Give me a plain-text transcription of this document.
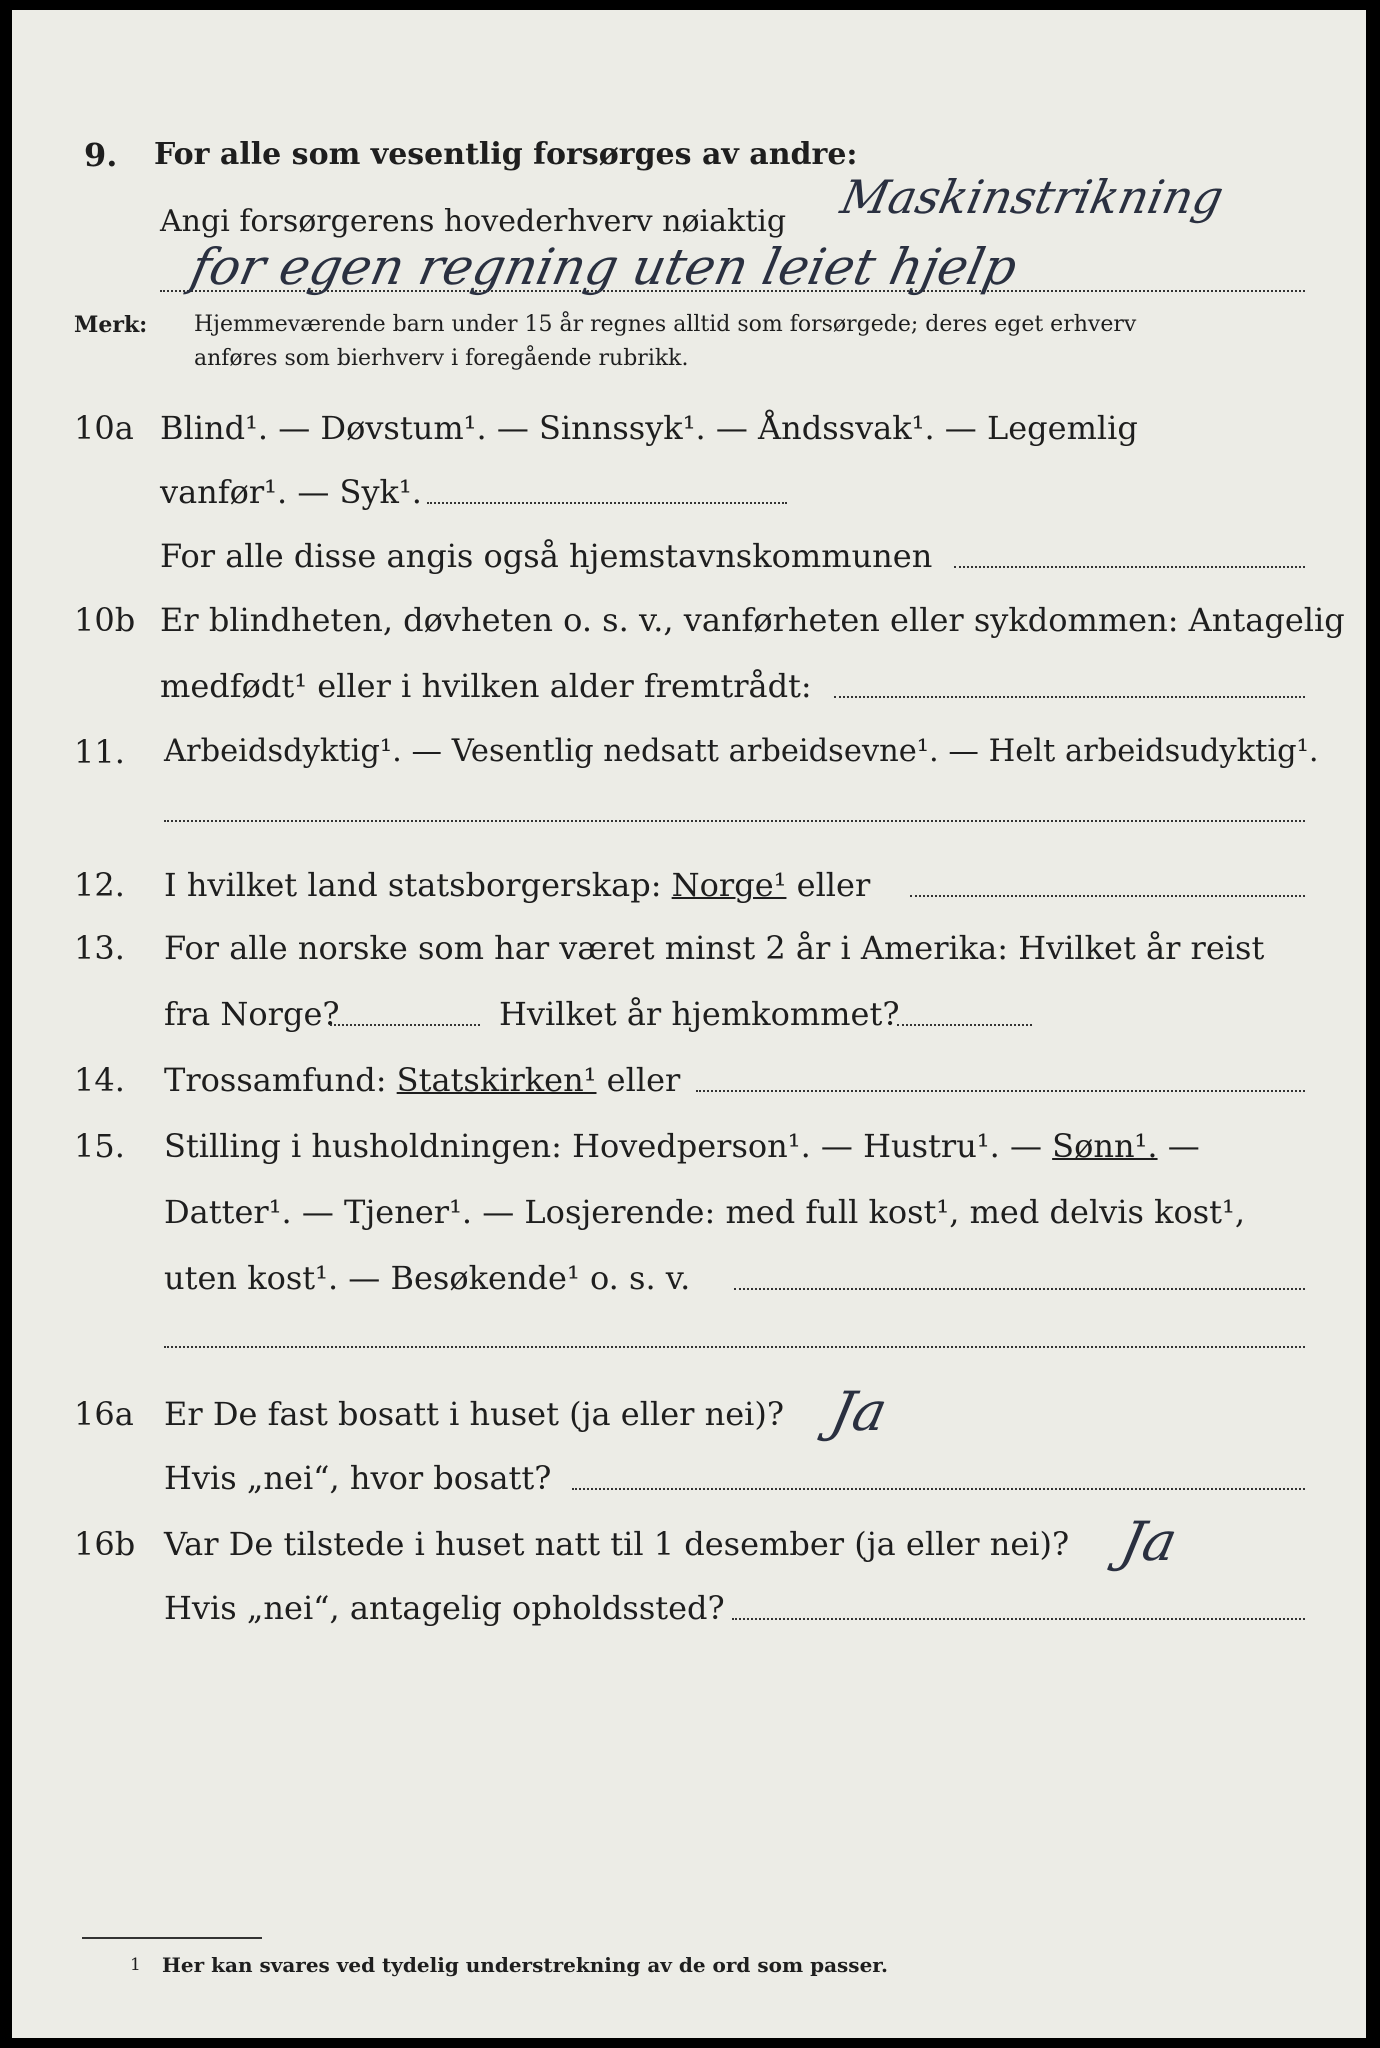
9. For alle som vesentlig forsørges av andre:
Angi forsørgerens hovederhverv nøiaktig Maskinstrikning
for egen regning uten leiet hjelp
Merk: Hjemmeværende barn under 15 år regnes alltid som forsørgede; deres eget erhverv
anføres som bierhverv i foregående rubrikk.
10a Blind¹. — Døvstum¹. — Sinnssyk¹. — Åndssvak¹. — Legemlig
vanfør¹. — Syk¹.
For alle disse angis også hjemstavnskommunen
10b Er blindheten, døvheten o. s. v., vanførheten eller sykdommen: Antagelig
medfødt¹ eller i hvilken alder fremtrådt:
11. Arbeidsdyktig¹. — Vesentlig nedsatt arbeidsevne¹. — Helt arbeidsudyktig¹.
12. I hvilket land statsborgerskap: Norge¹ eller
13. For alle norske som har været minst 2 år i Amerika: Hvilket år reist
fra Norge?	Hvilket år hjemkommet?
14. Trossamfund: Statskirken¹ eller
15. Stilling i husholdningen: Hovedperson¹. — Hustru¹. — Sønn¹. —
Datter¹. — Tjener¹. — Losjerende: med full kost¹, med delvis kost¹,
uten kost¹. — Besøkende¹ o. s. v.
16a Er De fast bosatt i huset (ja eller nei)? Ja
Hvis „nei“, hvor bosatt?
16b Var De tilstede i huset natt til 1 desember (ja eller nei)? Ja
Hvis „nei“, antagelig opholdssted?
1 Her kan svares ved tydelig understrekning av de ord som passer.
